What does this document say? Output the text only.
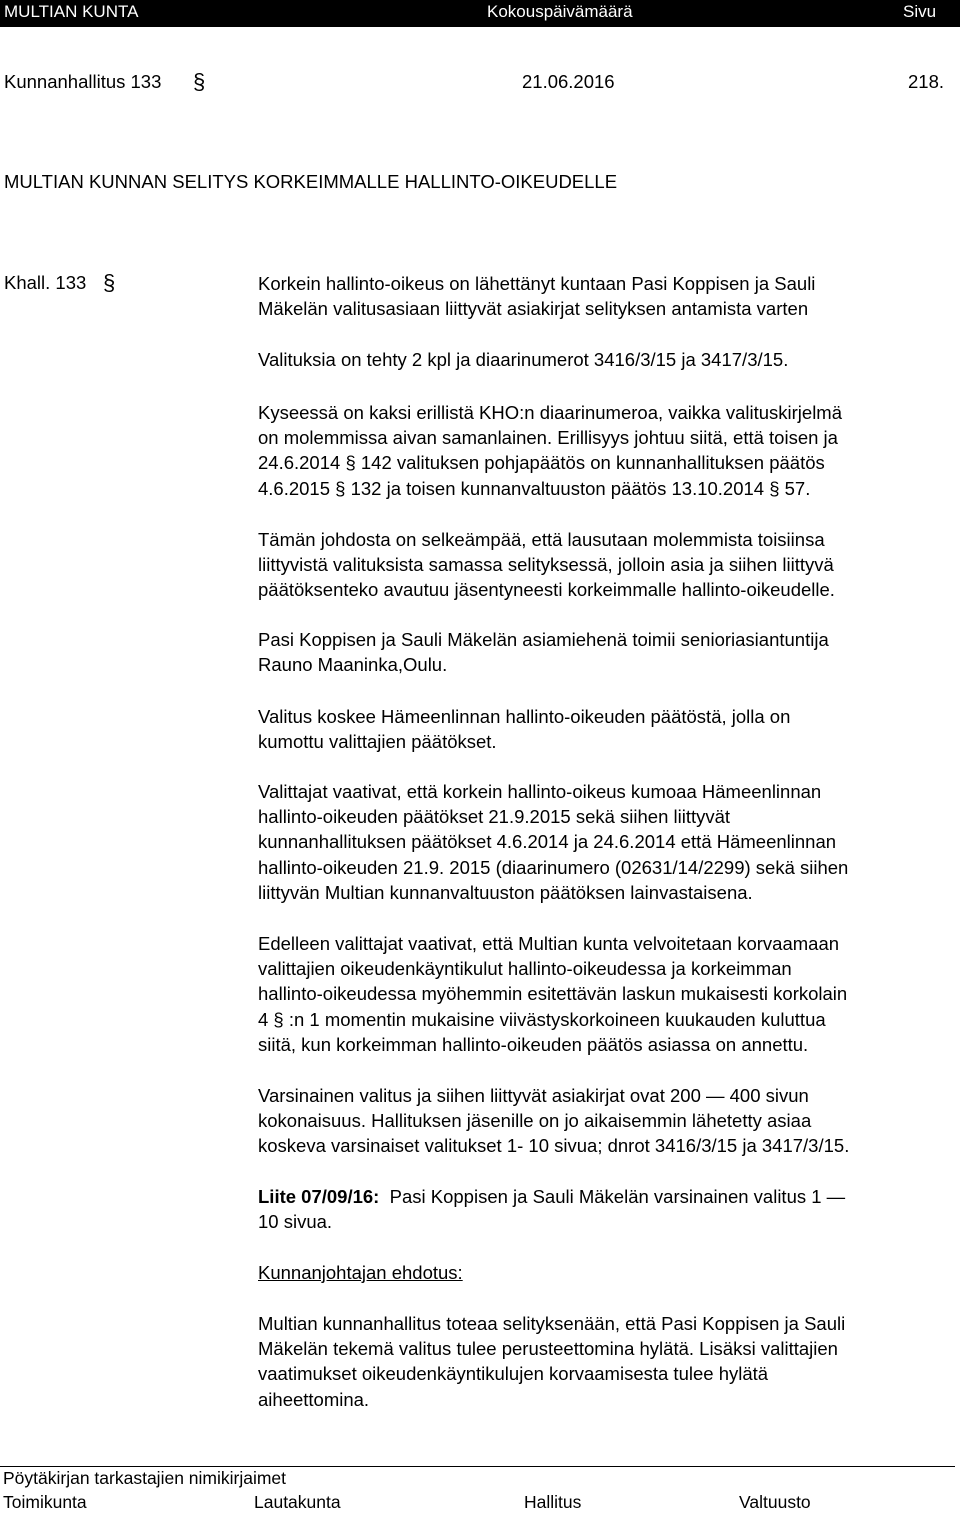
MULTIAN KUNTA	Kokouspäivämäärä	Sivu
Kunnanhallitus 133 §	21.06.2016	218.
MULTIAN KUNNAN SELITYS KORKEIMMALLE HALLINTO-OIKEUDELLE
Khall. 133 §	Korkein hallinto-oikeus on lähettänyt kuntaan Pasi Koppisen ja Sauli

Mäkelän valitusasiaan liittyvät asiakirjat selityksen antamista varten

Valituksia on tehty 2 kpl ja diaarinumerot 3416/3/15 ja 3417/3/15.

Kyseessä on kaksi erillistä KHO:n diaarinumeroa, vaikka valituskirjelmä

on molemmissa aivan samanlainen. Erillisyys johtuu siitä, että toisen ja

24.6.2014 § 142 valituksen pohjapäätös on kunnanhallituksen päätös

4.6.2015 § 132 ja toisen kunnanvaltuuston päätös 13.10.2014 § 57.

Tämän johdosta on selkeämpää, että lausutaan molemmista toisiinsa

liittyvistä valituksista samassa selityksessä, jolloin asia ja siihen liittyvä

päätöksenteko avautuu jäsentyneesti korkeimmalle hallinto-oikeudelle.

Pasi Koppisen ja Sauli Mäkelän asiamiehenä toimii senioriasiantuntija

Rauno Maaninka,Oulu.

Valitus koskee Hämeenlinnan hallinto-oikeuden päätöstä, jolla on

kumottu valittajien päätökset.

Valittajat vaativat, että korkein hallinto-oikeus kumoaa Hämeenlinnan

hallinto-oikeuden päätökset 21.9.2015 sekä siihen liittyvät

kunnanhallituksen päätökset 4.6.2014 ja 24.6.2014 että Hämeenlinnan

hallinto-oikeuden 21.9. 2015 (diaarinumero (02631/14/2299) sekä siihen

liittyvän Multian kunnanvaltuuston päätöksen lainvastaisena.

Edelleen valittajat vaativat, että Multian kunta velvoitetaan korvaamaan

valittajien oikeudenkäyntikulut hallinto-oikeudessa ja korkeimman

hallinto-oikeudessa myöhemmin esitettävän laskun mukaisesti korkolain

4 § :n 1 momentin mukaisine viivästyskorkoineen kuukauden kuluttua

siitä, kun korkeimman hallinto-oikeuden päätös asiassa on annettu.

Varsinainen valitus ja siihen liittyvät asiakirjat ovat 200 — 400 sivun

kokonaisuus. Hallituksen jäsenille on jo aikaisemmin lähetetty asiaa

koskeva varsinaiset valitukset 1- 10 sivua; dnrot 3416/3/15 ja 3417/3/15.

Liite 07/09/16:  Pasi Koppisen ja Sauli Mäkelän varsinainen valitus 1 —

10 sivua.

Kunnanjohtajan ehdotus:

Multian kunnanhallitus toteaa selityksenään, että Pasi Koppisen ja Sauli

Mäkelän tekemä valitus tulee perusteettomina hylätä. Lisäksi valittajien

vaatimukset oikeudenkäyntikulujen korvaamisesta tulee hylätä

aiheettomina.

Pöytäkirjan tarkastajien nimikirjaimet
Toimikunta	Lautakunta	Hallitus	Valtuusto
